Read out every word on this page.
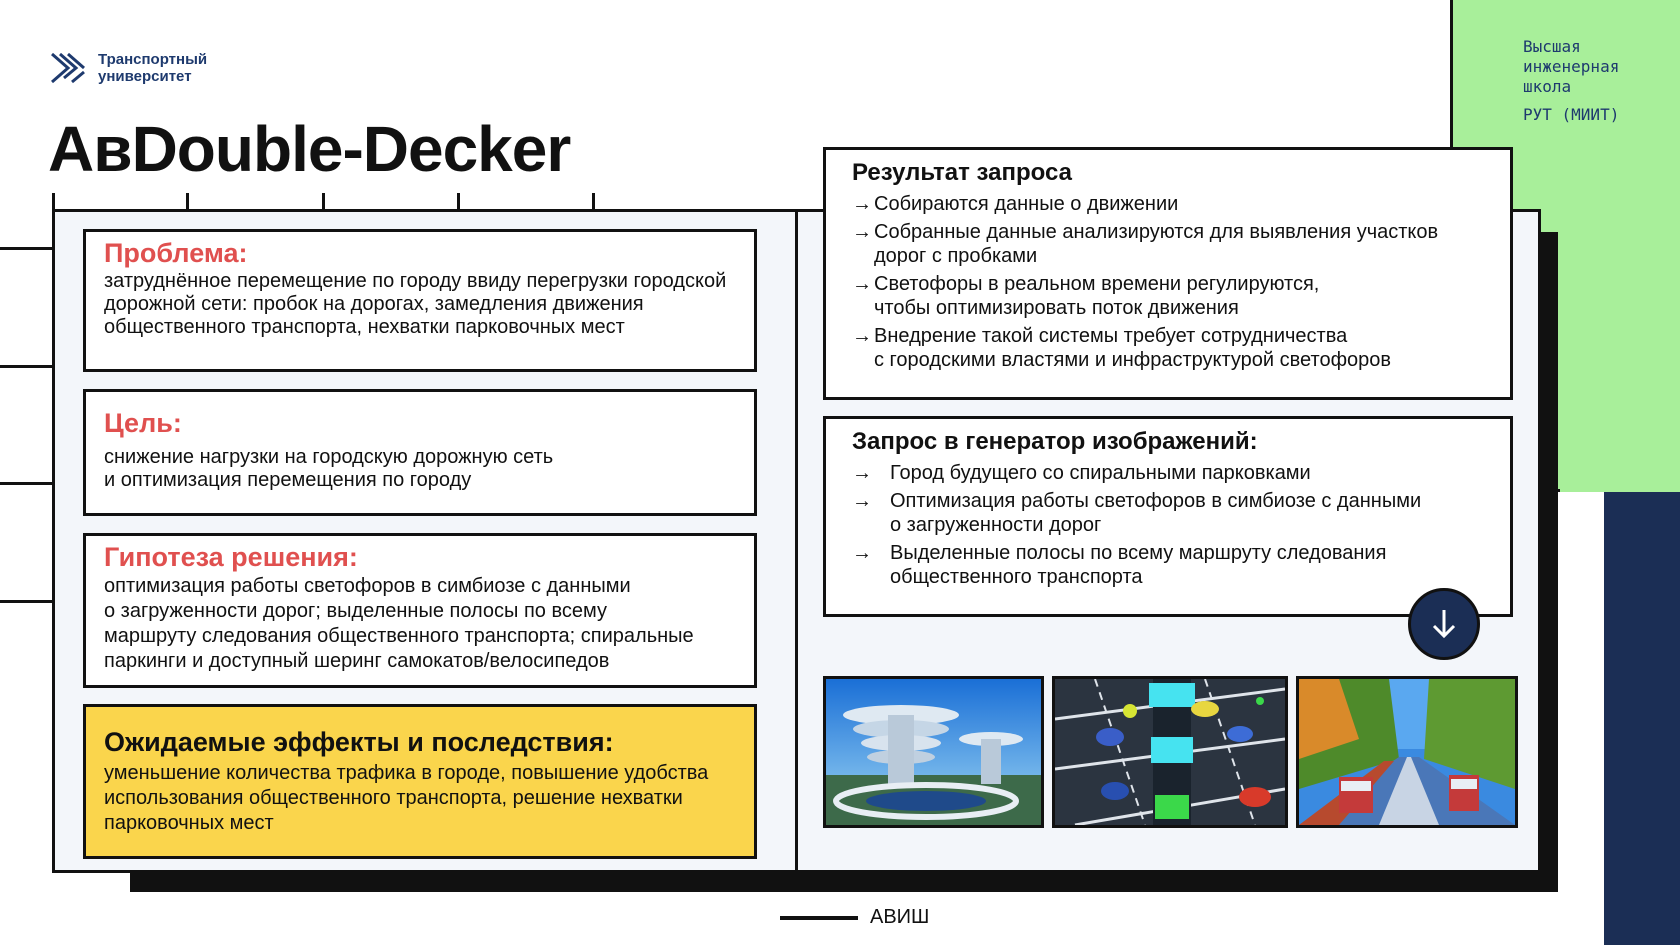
Высшая
инженерная
школа
РУТ (МИИТ)
Транспортный
университет
АвDouble-Decker
Проблема:

затруднённое перемещение по городу ввиду перегрузки городской дорожной сети: пробок на дорогах, замедления движения общественного транспорта, нехватки парковочных мест

Цель:

снижение нагрузки на городскую дорожную сеть
и оптимизация перемещения по городу

Гипотеза решения:

оптимизация работы светофоров в симбиозе с данными
о загруженности дорог; выделенные полосы по всему
маршруту следования общественного транспорта; спиральные
паркинги и доступный шеринг самокатов/велосипедов

Ожидаемые эффекты и последствия:

уменьшение количества трафика в городе, повышение удобства использования общественного транспорта, решение нехватки парковочных мест

Результат запроса
→ Собираются данные о движении
→ Собранные данные анализируются для выявления участков
дорог с пробками
→ Светофоры в реальном времени регулируются,
чтобы оптимизировать поток движения
→ Внедрение такой системы требует сотрудничества
с городскими властями и инфраструктурой светофоров
Запрос в генератор изображений:
→ Город будущего со спиральными парковками
→ Оптимизация работы светофоров в симбиозе с данными
о загруженности дорог
→ Выделенные полосы по всему маршруту следования
общественного транспорта
АВИШ
